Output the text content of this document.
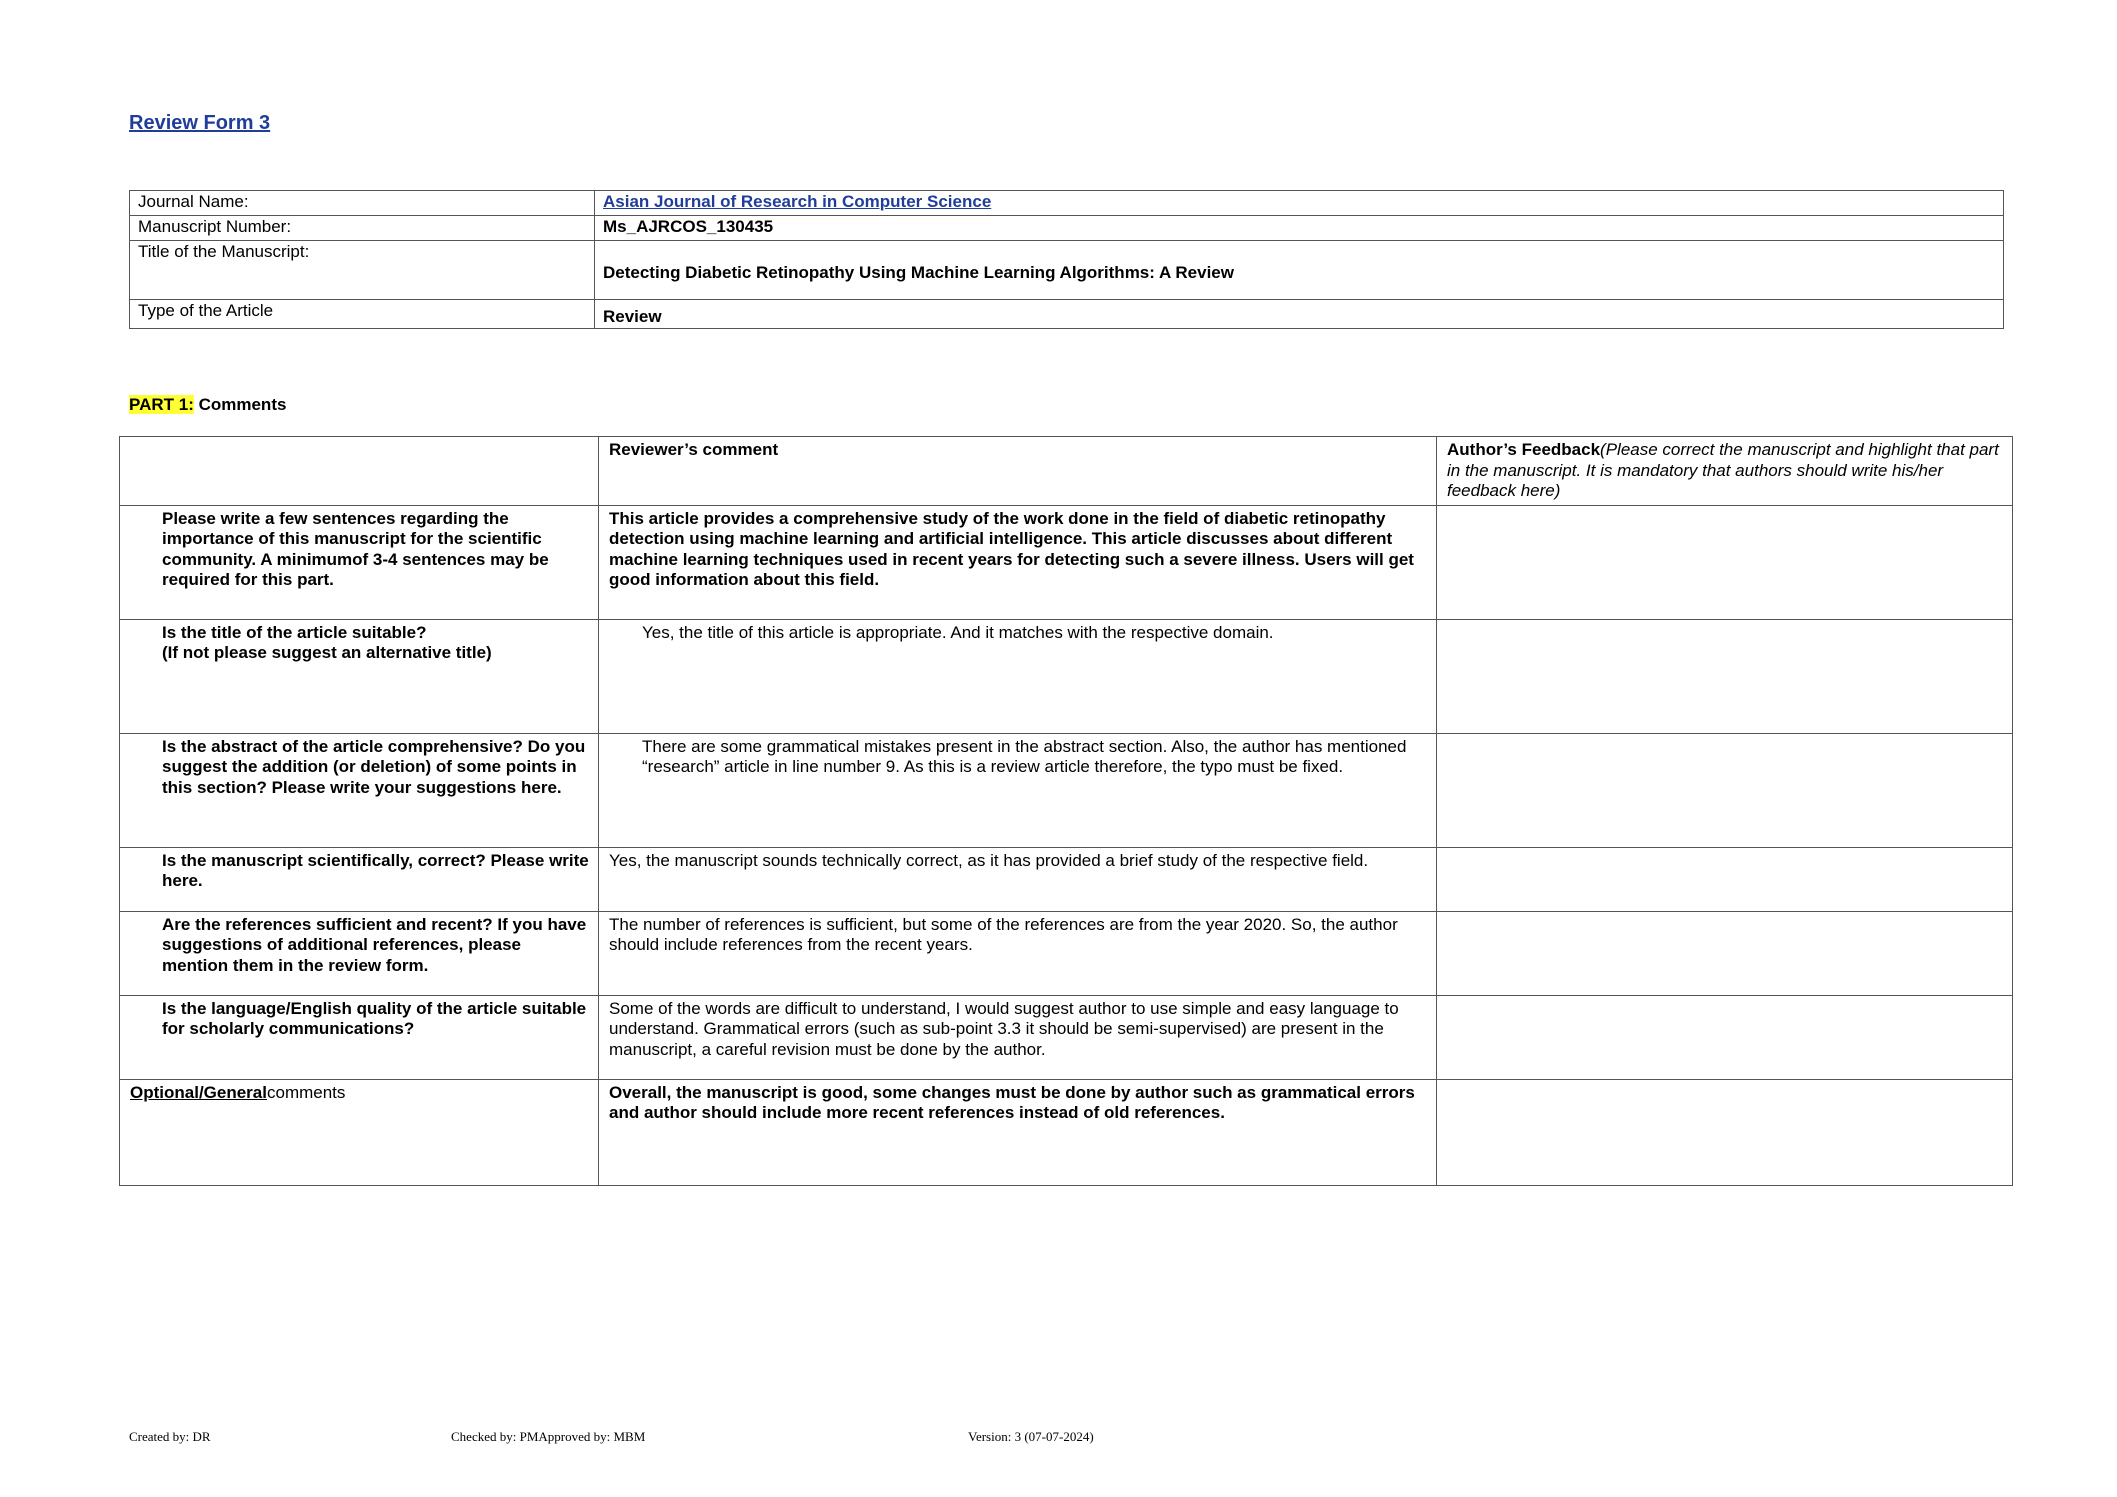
Review Form 3
Journal Name:	Asian Journal of Research in Computer Science
Manuscript Number:	Ms_AJRCOS_130435
Title of the Manuscript:	Detecting Diabetic Retinopathy Using Machine Learning Algorithms: A Review
Type of the Article	Review
PART 1: Comments
	Reviewer’s comment	Author’s Feedback(Please correct the manuscript and highlight that part in the manuscript. It is mandatory that authors should write his/her feedback here)
Please write a few sentences regarding the importance of this manuscript for the scientific community. A minimumof 3-4 sentences may be required for this part.	This article provides a comprehensive study of the work done in the field of diabetic retinopathy detection using machine learning and artificial intelligence. This article discusses about different machine learning techniques used in recent years for detecting such a severe illness. Users will get good information about this field.	

Is the title of the article suitable?
(If not please suggest an alternative title)	Yes, the title of this article is appropriate. And it matches with the respective domain.	
Is the abstract of the article comprehensive? Do you suggest the addition (or deletion) of some points in this section? Please write your suggestions here.	There are some grammatical mistakes present in the abstract section. Also, the author has mentioned “research” article in line number 9. As this is a review article therefore, the typo must be fixed.	
Is the manuscript scientifically, correct? Please write here.	Yes, the manuscript sounds technically correct, as it has provided a brief study of the respective field.	
Are the references sufficient and recent? If you have suggestions of additional references, please mention them in the review form.	The number of references is sufficient, but some of the references are from the year 2020. So, the author should include references from the recent years.	
Is the language/English quality of the article suitable for scholarly communications?	Some of the words are difficult to understand, I would suggest author to use simple and easy language to understand. Grammatical errors (such as sub-point 3.3 it should be semi-supervised) are present in the manuscript, a careful revision must be done by the author.	
Optional/Generalcomments	Overall, the manuscript is good, some changes must be done by author such as grammatical errors and author should include more recent references instead of old references.	
Created by: DR	Checked by: PMApproved by: MBM	Version: 3 (07-07-2024)
